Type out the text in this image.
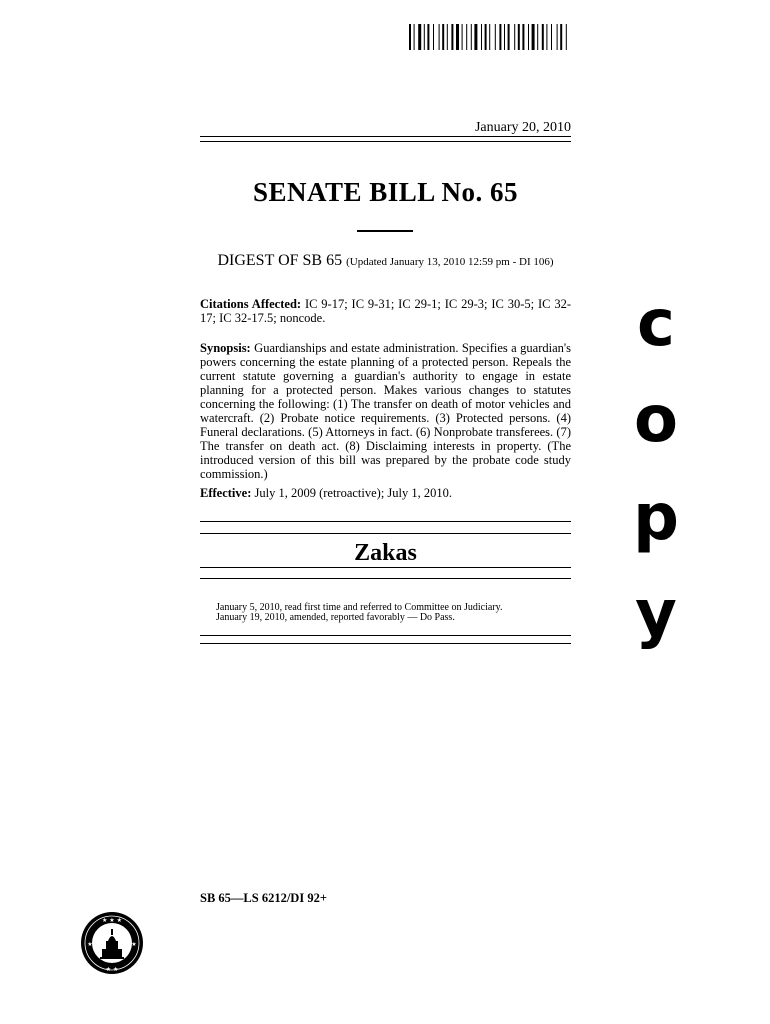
January 20, 2010
SENATE BILL No. 65
DIGEST OF SB 65 (Updated January 13, 2010 12:59 pm - DI 106)
Citations Affected: IC 9-17; IC 9-31; IC 29-1; IC 29-3; IC 30-5; IC 32-17; IC 32-17.5; noncode.
Synopsis: Guardianships and estate administration. Specifies a guardian's powers concerning the estate planning of a protected person. Repeals the current statute governing a guardian's authority to engage in estate planning for a protected person. Makes various changes to statutes concerning the following: (1) The transfer on death of motor vehicles and watercraft. (2) Probate notice requirements. (3) Protected persons. (4) Funeral declarations. (5) Attorneys in fact. (6) Nonprobate transferees. (7) The transfer on death act. (8) Disclaiming interests in property. (The introduced version of this bill was prepared by the probate code study commission.)
Effective: July 1, 2009 (retroactive); July 1, 2010.
Zakas
January 5, 2010, read first time and referred to Committee on Judiciary.
January 19, 2010, amended, reported favorably — Do Pass.
c
o
p
y
SB 65—LS 6212/DI 92+
★ ★ ★
★	★
★ ★
